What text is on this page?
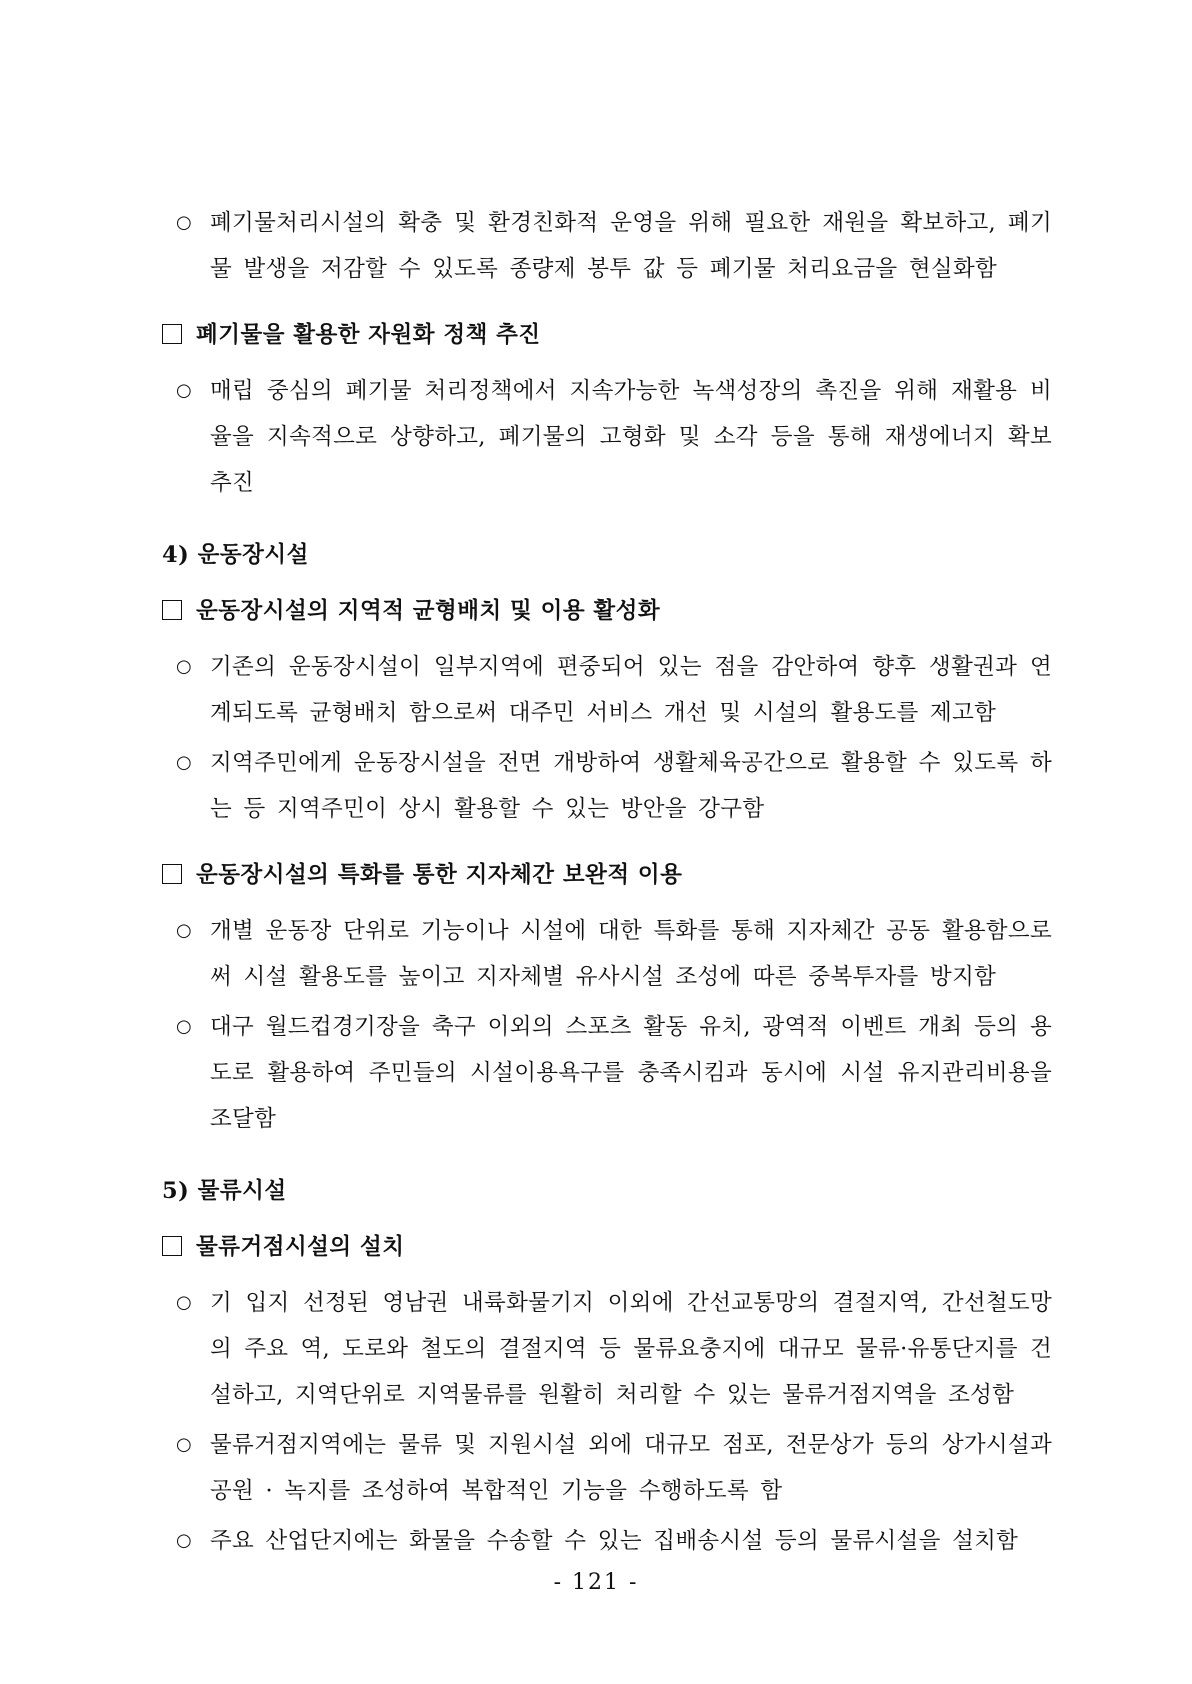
○ 폐기물처리시설의 확충 및 환경친화적 운영을 위해 필요한 재원을 확보하고, 폐기물 발생을 저감할 수 있도록 종량제 봉투 값 등 폐기물 처리요금을 현실화함
폐기물을 활용한 자원화 정책 추진
○ 매립 중심의 폐기물 처리정책에서 지속가능한 녹색성장의 촉진을 위해 재활용 비율을 지속적으로 상향하고, 폐기물의 고형화 및 소각 등을 통해 재생에너지 확보 추진
4) 운동장시설
운동장시설의 지역적 균형배치 및 이용 활성화
○ 기존의 운동장시설이 일부지역에 편중되어 있는 점을 감안하여 향후 생활권과 연계되도록 균형배치 함으로써 대주민 서비스 개선 및 시설의 활용도를 제고함
○ 지역주민에게 운동장시설을 전면 개방하여 생활체육공간으로 활용할 수 있도록 하는 등 지역주민이 상시 활용할 수 있는 방안을 강구함
운동장시설의 특화를 통한 지자체간 보완적 이용
○ 개별 운동장 단위로 기능이나 시설에 대한 특화를 통해 지자체간 공동 활용함으로써 시설 활용도를 높이고 지자체별 유사시설 조성에 따른 중복투자를 방지함
○ 대구 월드컵경기장을 축구 이외의 스포츠 활동 유치, 광역적 이벤트 개최 등의 용도로 활용하여 주민들의 시설이용욕구를 충족시킴과 동시에 시설 유지관리비용을 조달함
5) 물류시설
물류거점시설의 설치
○ 기 입지 선정된 영남권 내륙화물기지 이외에 간선교통망의 결절지역, 간선철도망의 주요 역, 도로와 철도의 결절지역 등 물류요충지에 대규모 물류·유통단지를 건설하고, 지역단위로 지역물류를 원활히 처리할 수 있는 물류거점지역을 조성함
○ 물류거점지역에는 물류 및 지원시설 외에 대규모 점포, 전문상가 등의 상가시설과 공원 · 녹지를 조성하여 복합적인 기능을 수행하도록 함
○ 주요 산업단지에는 화물을 수송할 수 있는 집배송시설 등의 물류시설을 설치함
- 121 -
